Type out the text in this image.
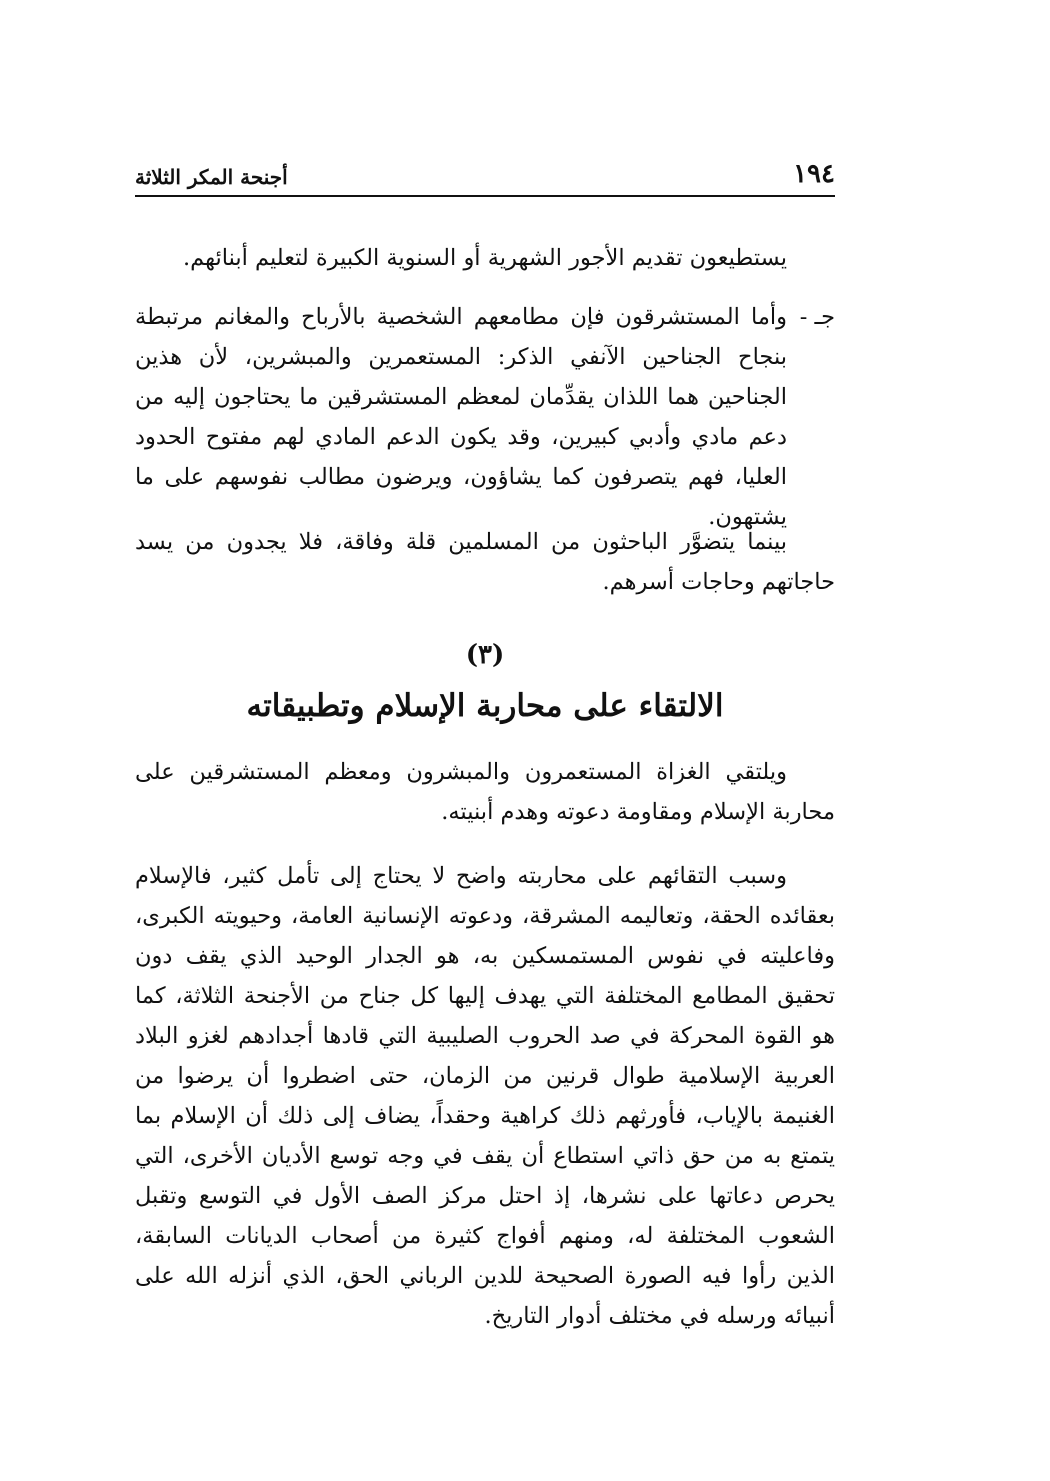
١٩٤
أجنحة المكر الثلاثة

يستطيعون تقديم الأجور الشهرية أو السنوية الكبيرة لتعليم أبنائهم.

جـ -
وأما المستشرقون فإن مطامعهم الشخصية بالأرباح والمغانم مرتبطة بنجاح الجناحين الآنفي الذكر: المستعمرين والمبشرين، لأن هذين الجناحين هما اللذان يقدِّمان لمعظم المستشرقين ما يحتاجون إليه من دعم مادي وأدبي كبيرين، وقد يكون الدعم المادي لهم مفتوح الحدود العليا، فهم يتصرفون كما يشاؤون، ويرضون مطالب نفوسهم على ما يشتهون.

بينما يتضوَّر الباحثون من المسلمين قلة وفاقة، فلا يجدون من يسد حاجاتهم وحاجات أسرهم.

(٣)
الالتقاء على محاربة الإسلام وتطبيقاته

ويلتقي الغزاة المستعمرون والمبشرون ومعظم المستشرقين على محاربة الإسلام ومقاومة دعوته وهدم أبنيته.

وسبب التقائهم على محاربته واضح لا يحتاج إلى تأمل كثير، فالإسلام بعقائده الحقة، وتعاليمه المشرقة، ودعوته الإنسانية العامة، وحيويته الكبرى، وفاعليته في نفوس المستمسكين به، هو الجدار الوحيد الذي يقف دون تحقيق المطامع المختلفة التي يهدف إليها كل جناح من الأجنحة الثلاثة، كما هو القوة المحركة في صد الحروب الصليبية التي قادها أجدادهم لغزو البلاد العربية الإسلامية طوال قرنين من الزمان، حتى اضطروا أن يرضوا من الغنيمة بالإياب، فأورثهم ذلك كراهية وحقداً، يضاف إلى ذلك أن الإسلام بما يتمتع به من حق ذاتي استطاع أن يقف في وجه توسع الأديان الأخرى، التي يحرص دعاتها على نشرها، إذ احتل مركز الصف الأول في التوسع وتقبل الشعوب المختلفة له، ومنهم أفواج كثيرة من أصحاب الديانات السابقة، الذين رأوا فيه الصورة الصحيحة للدين الرباني الحق، الذي أنزله الله على أنبيائه ورسله في مختلف أدوار التاريخ.
